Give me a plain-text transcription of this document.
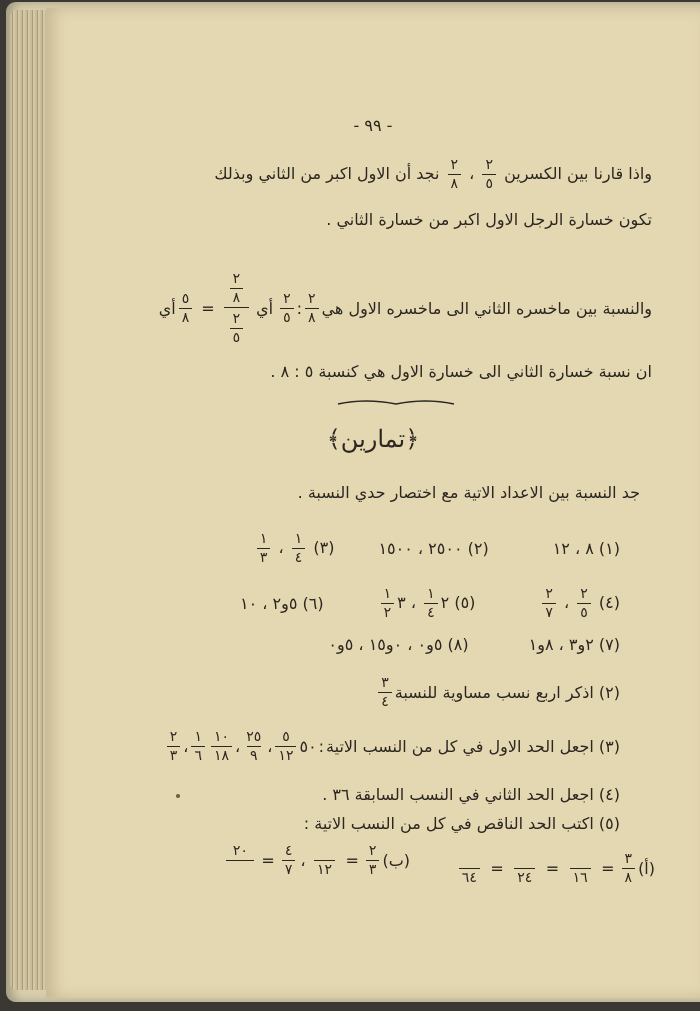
- ٩٩ -
واذا قارنا بين الكسرين
$\frac{٢}{٥}$
،
$\frac{٢}{٨}$
نجد أن الاول اكبر من الثاني وبذلك
تكون خسارة الرجل الاول اكبر من خسارة الثاني .
والنسبة بين ماخسره الثاني الى ماخسره الاول هي
$\frac{٢}{٨}$
:
$\frac{٢}{٥}$
أي
$\frac{\frac{٢}{٨}}{\frac{٢}{٥}}$
=
$\frac{٥}{٨}$
أي
ان نسبة خسارة الثاني الى خسارة الاول هي كنسبة ٥ : ٨ .
﴿تمارين﴾
جد النسبة بين الاعداد الاتية مع اختصار حدي النسبة .
(١) ٨ ، ١٢
(٢) ٢٥٠٠ ، ١٥٠٠
(٣)
$\frac{١}{٤}$
،
$\frac{١}{٣}$
(٤)
$\frac{٢}{٥}$
،
$\frac{٢}{٧}$
(٥) ٢
$\frac{١}{٤}$
، ٣
$\frac{١}{٢}$
(٦) ٥و٢ ، ١٠
(٧) ٢و٣ ، ٨و١
(٨) ٥و٠ ، ٠و١٥ ، ٥و٠
(٢) اذكر اربع نسب مساوية للنسبة
$\frac{٣}{٤}$
(٣) اجعل الحد الاول في كل من النسب الاتية
:
٥٠
$\frac{٥}{١٢}$
،
$\frac{٢٥}{٩}$
،
$\frac{١٠}{١٨}$
$\frac{١}{٦}$
،
$\frac{٢}{٣}$
(٤) اجعل الحد الثاني في النسب السابقة ٣٦ .
(٥) اكتب الحد الناقص في كل من النسب الاتية :
(أ)
$\frac{٣}{٨}$
=
١٦
=
٢٤
=
٦٤
(ب)
$\frac{٢}{٣}$
=
١٢
،
$\frac{٤}{٧}$
=
٢٠
